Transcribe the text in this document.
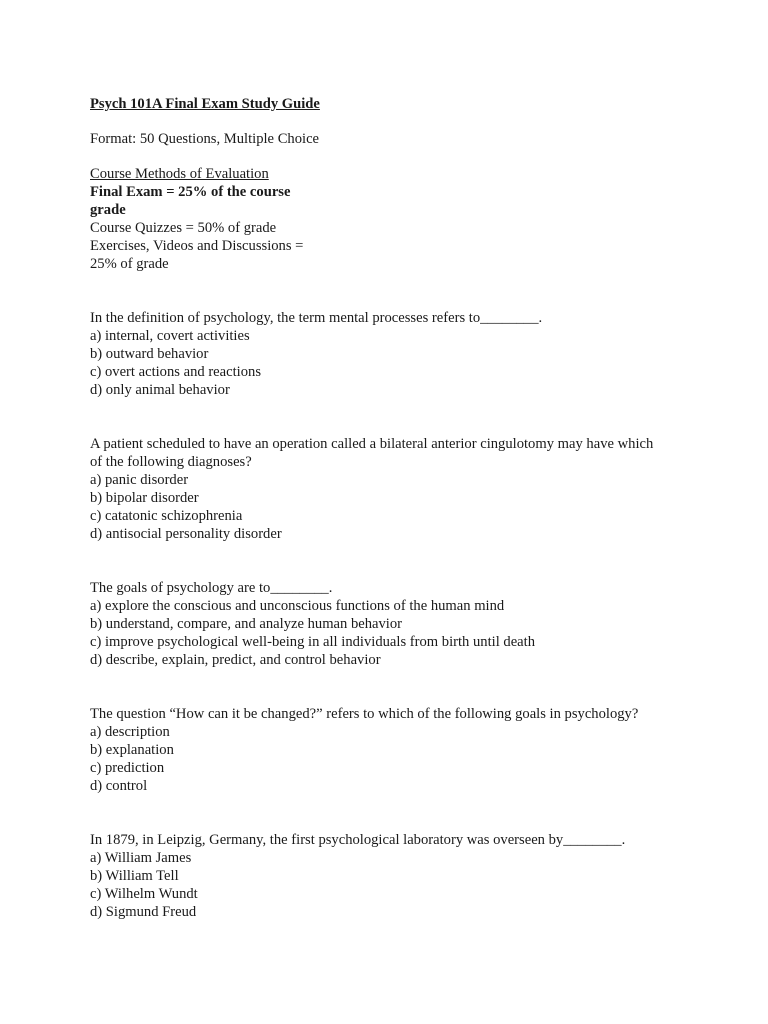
Psych 101A Final Exam Study Guide
Format: 50 Questions, Multiple Choice
Course Methods of Evaluation
Final Exam = 25% of the course
grade
Course Quizzes = 50% of grade
Exercises, Videos and Discussions =
25% of grade
In the definition of psychology, the term mental processes refers to________.
a) internal, covert activities
b) outward behavior
c) overt actions and reactions
d) only animal behavior
A patient scheduled to have an operation called a bilateral anterior cingulotomy may have which
of the following diagnoses?
a) panic disorder
b) bipolar disorder
c) catatonic schizophrenia
d) antisocial personality disorder
The goals of psychology are to________.
a) explore the conscious and unconscious functions of the human mind
b) understand, compare, and analyze human behavior
c) improve psychological well-being in all individuals from birth until death
d) describe, explain, predict, and control behavior
The question “How can it be changed?” refers to which of the following goals in psychology?
a) description
b) explanation
c) prediction
d) control
In 1879, in Leipzig, Germany, the first psychological laboratory was overseen by________.
a) William James
b) William Tell
c) Wilhelm Wundt
d) Sigmund Freud
